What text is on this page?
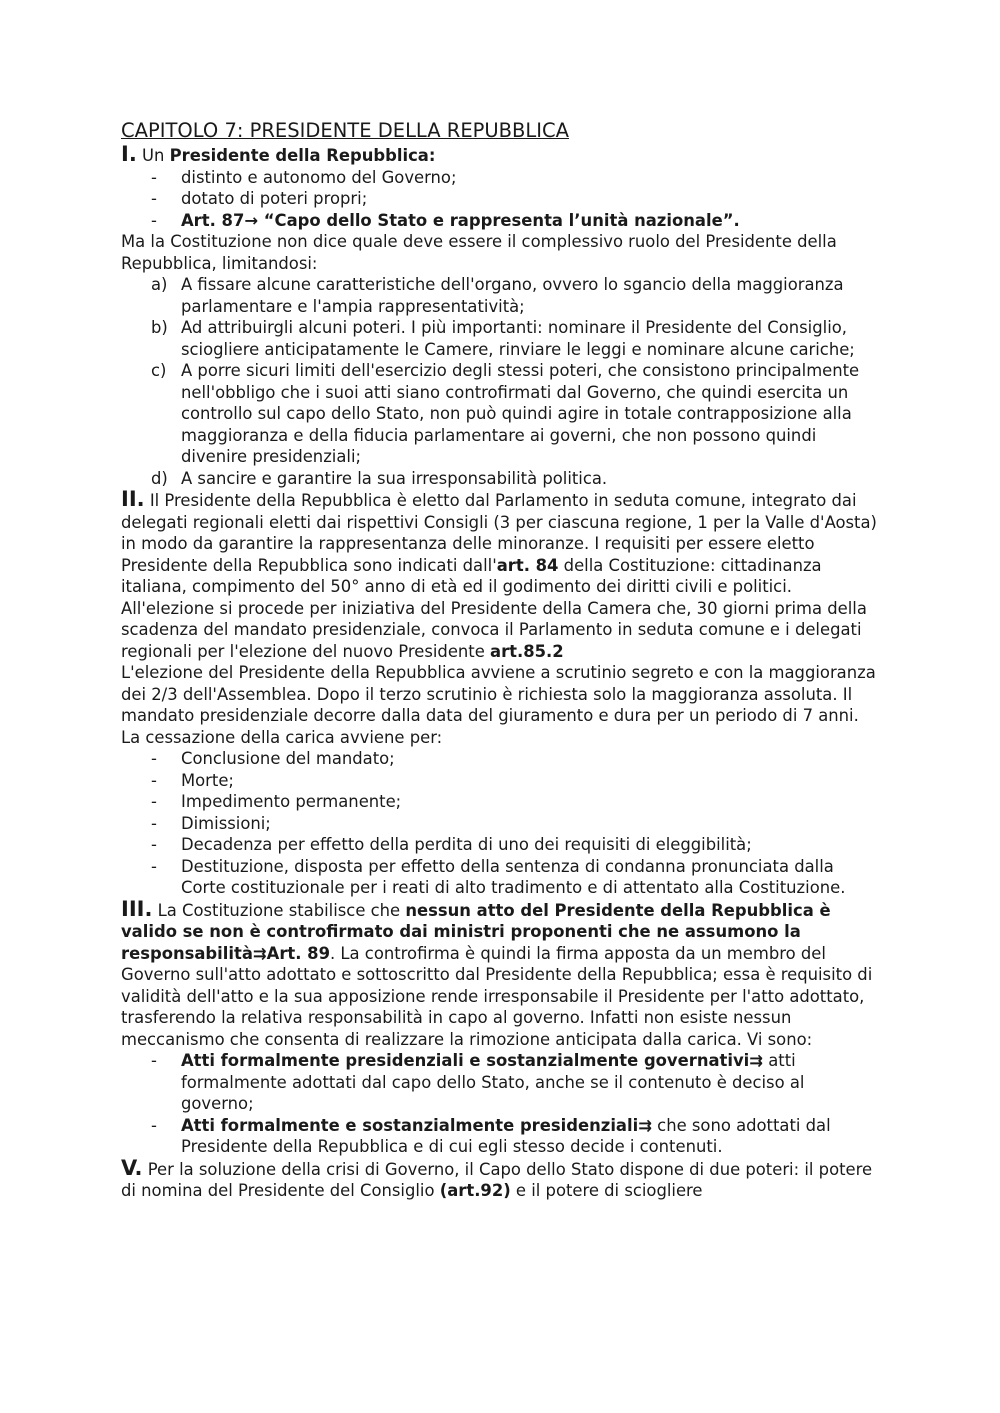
CAPITOLO 7: PRESIDENTE DELLA REPUBBLICA

I. Un Presidente della Repubblica:

- distinto e autonomo del Governo;
- dotato di poteri propri;
- Art. 87→ “Capo dello Stato e rappresenta l’unità nazionale”.

Ma la Costituzione non dice quale deve essere il complessivo ruolo del Presidente della Repubblica, limitandosi:

a) A fissare alcune caratteristiche dell'organo, ovvero lo sgancio della maggioranza parlamentare e l'ampia rappresentatività;
b) Ad attribuirgli alcuni poteri. I più importanti: nominare il Presidente del Consiglio, sciogliere anticipatamente le Camere, rinviare le leggi e nominare alcune cariche;
c) A porre sicuri limiti dell'esercizio degli stessi poteri, che consistono principalmente nell'obbligo che i suoi atti siano controfirmati dal Governo, che quindi esercita un controllo sul capo dello Stato, non può quindi agire in totale contrapposizione alla maggioranza e della fiducia parlamentare ai governi, che non possono quindi divenire presidenziali;
d) A sancire e garantire la sua irresponsabilità politica.

II. Il Presidente della Repubblica è eletto dal Parlamento in seduta comune, integrato dai delegati regionali eletti dai rispettivi Consigli (3 per ciascuna regione, 1 per la Valle d'Aosta) in modo da garantire la rappresentanza delle minoranze. I requisiti per essere eletto Presidente della Repubblica sono indicati dall'art. 84 della Costituzione: cittadinanza italiana, compimento del 50° anno di età ed il godimento dei diritti civili e politici. All'elezione si procede per iniziativa del Presidente della Camera che, 30 giorni prima della scadenza del mandato presidenziale, convoca il Parlamento in seduta comune e i delegati regionali per l'elezione del nuovo Presidente art.85.2

L'elezione del Presidente della Repubblica avviene a scrutinio segreto e con la maggioranza dei 2/3 dell'Assemblea. Dopo il terzo scrutinio è richiesta solo la maggioranza assoluta. Il mandato presidenziale decorre dalla data del giuramento e dura per un periodo di 7 anni. La cessazione della carica avviene per:

- Conclusione del mandato;
- Morte;
- Impedimento permanente;
- Dimissioni;
- Decadenza per effetto della perdita di uno dei requisiti di eleggibilità;
- Destituzione, disposta per effetto della sentenza di condanna pronunciata dalla Corte costituzionale per i reati di alto tradimento e di attentato alla Costituzione.

III. La Costituzione stabilisce che nessun atto del Presidente della Repubblica è valido se non è controfirmato dai ministri proponenti che ne assumono la responsabilità⇉Art. 89. La controfirma è quindi la firma apposta da un membro del Governo sull'atto adottato e sottoscritto dal Presidente della Repubblica; essa è requisito di validità dell'atto e la sua apposizione rende irresponsabile il Presidente per l'atto adottato, trasferendo la relativa responsabilità in capo al governo. Infatti non esiste nessun meccanismo che consenta di realizzare la rimozione anticipata dalla carica. Vi sono:

- Atti formalmente presidenziali e sostanzialmente governativi⇉ atti formalmente adottati dal capo dello Stato, anche se il contenuto è deciso al governo;
- Atti formalmente e sostanzialmente presidenziali⇉ che sono adottati dal Presidente della Repubblica e di cui egli stesso decide i contenuti.

V. Per la soluzione della crisi di Governo, il Capo dello Stato dispone di due poteri: il potere di nomina del Presidente del Consiglio (art.92) e il potere di sciogliere
